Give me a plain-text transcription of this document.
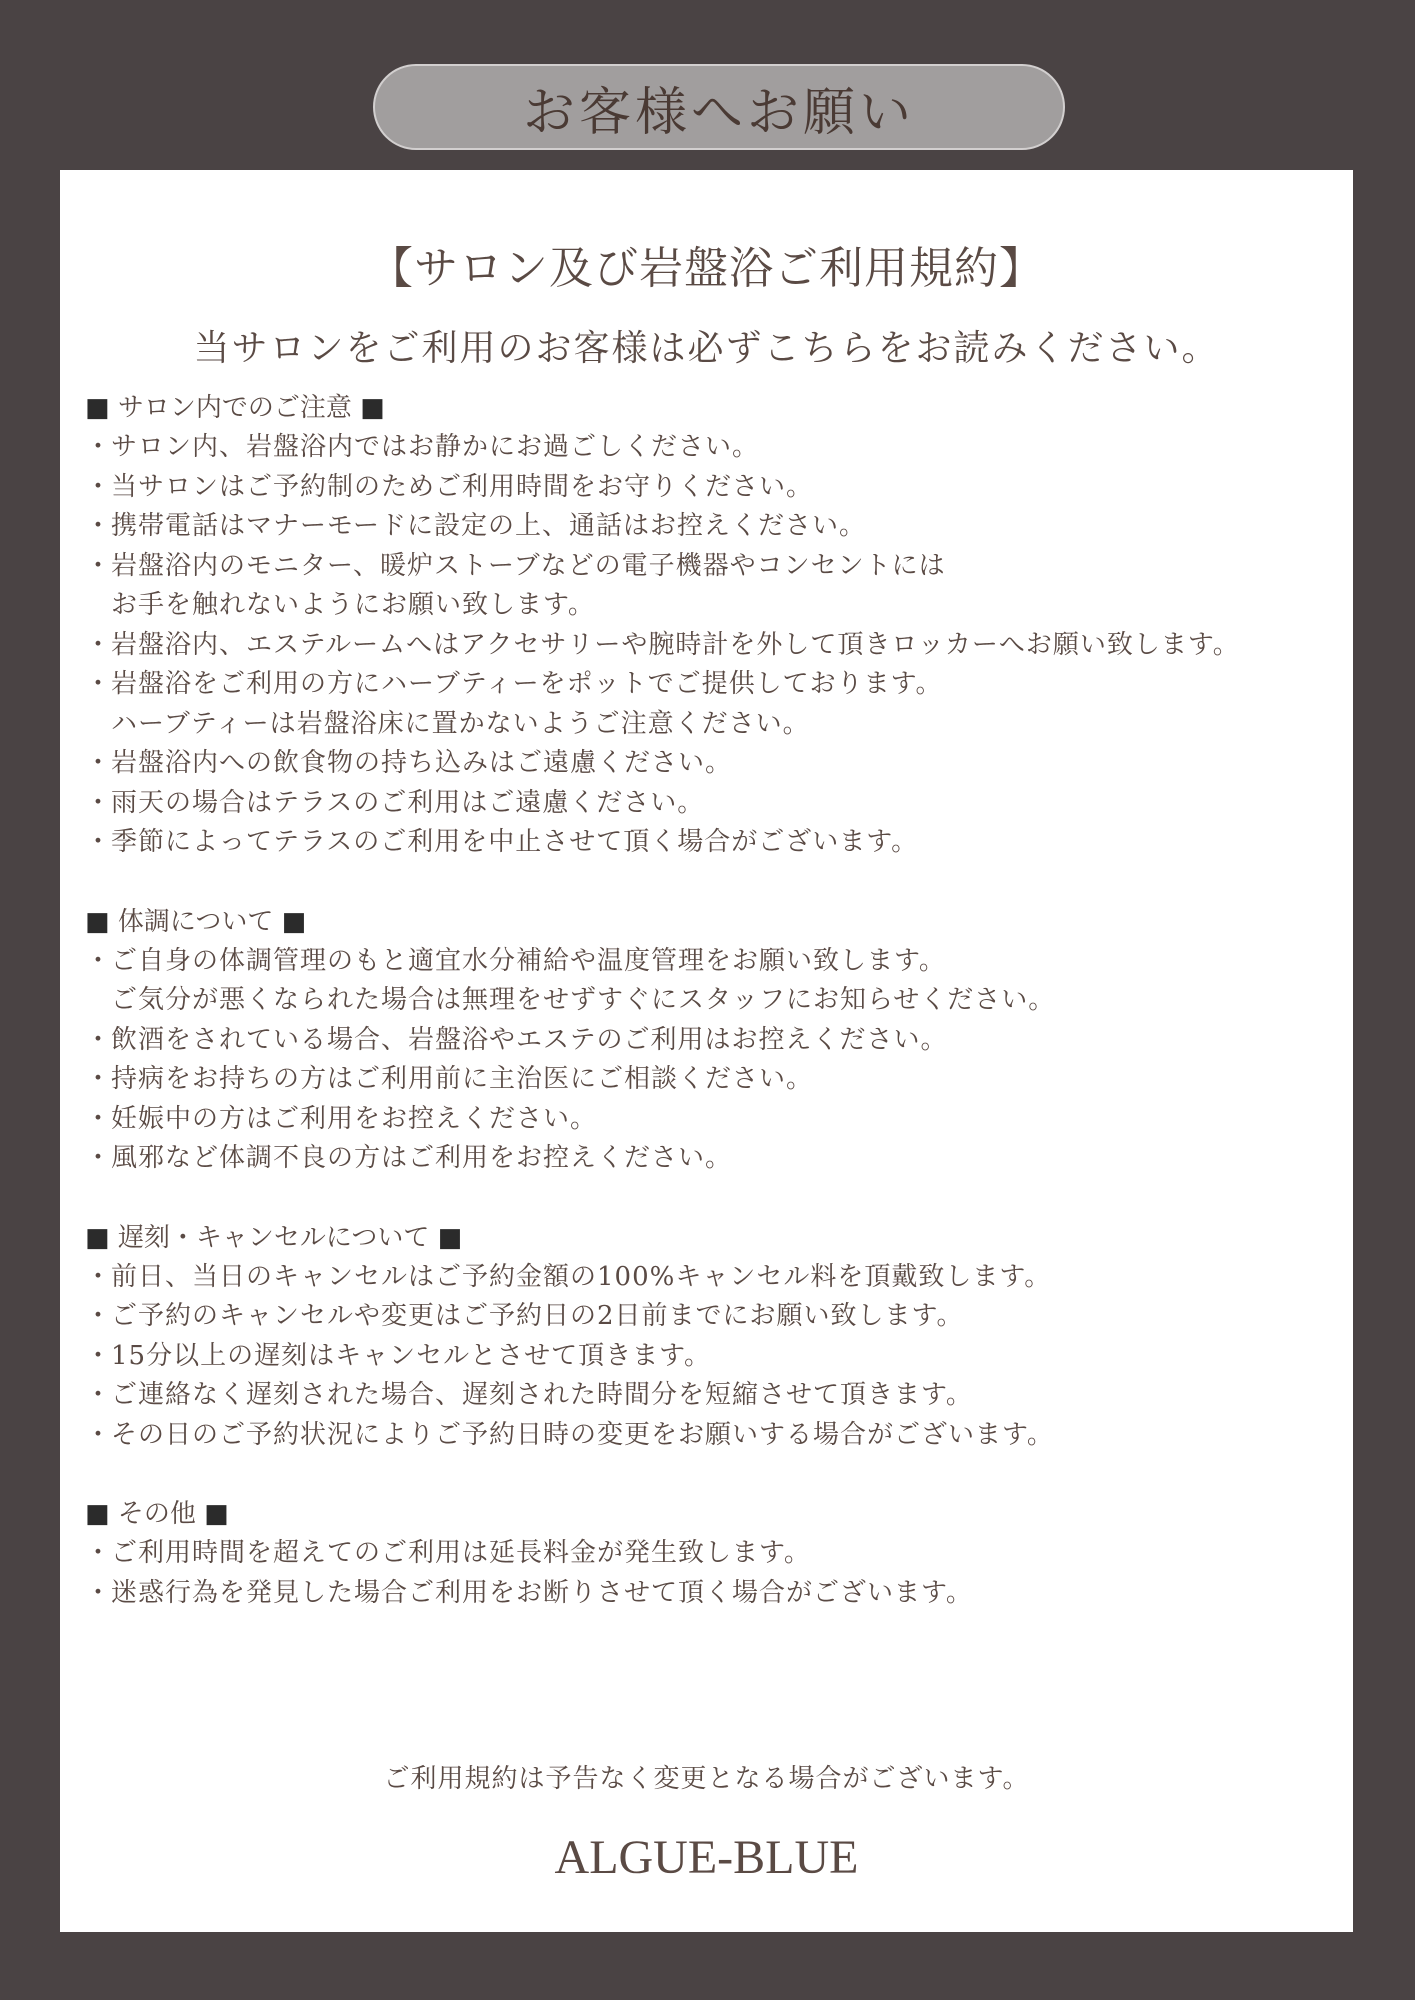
お客様へお願い
【サロン及び岩盤浴ご利用規約】
当サロンをご利用のお客様は必ずこちらをお読みください。
■ サロン内でのご注意 ■
・サロン内、岩盤浴内ではお静かにお過ごしください。
・当サロンはご予約制のためご利用時間をお守りください。
・携帯電話はマナーモードに設定の上、通話はお控えください。
・岩盤浴内のモニター、暖炉ストーブなどの電子機器やコンセントには
お手を触れないようにお願い致します。
・岩盤浴内、エステルームへはアクセサリーや腕時計を外して頂きロッカーへお願い致します。
・岩盤浴をご利用の方にハーブティーをポットでご提供しております。
ハーブティーは岩盤浴床に置かないようご注意ください。
・岩盤浴内への飲食物の持ち込みはご遠慮ください。
・雨天の場合はテラスのご利用はご遠慮ください。
・季節によってテラスのご利用を中止させて頂く場合がございます。
■ 体調について ■
・ご自身の体調管理のもと適宜水分補給や温度管理をお願い致します。
ご気分が悪くなられた場合は無理をせずすぐにスタッフにお知らせください。
・飲酒をされている場合、岩盤浴やエステのご利用はお控えください。
・持病をお持ちの方はご利用前に主治医にご相談ください。
・妊娠中の方はご利用をお控えください。
・風邪など体調不良の方はご利用をお控えください。
■ 遅刻・キャンセルについて ■
・前日、当日のキャンセルはご予約金額の100%キャンセル料を頂戴致します。
・ご予約のキャンセルや変更はご予約日の2日前までにお願い致します。
・15分以上の遅刻はキャンセルとさせて頂きます。
・ご連絡なく遅刻された場合、遅刻された時間分を短縮させて頂きます。
・その日のご予約状況によりご予約日時の変更をお願いする場合がございます。
■ その他 ■
・ご利用時間を超えてのご利用は延長料金が発生致します。
・迷惑行為を発見した場合ご利用をお断りさせて頂く場合がございます。
ご利用規約は予告なく変更となる場合がございます。
ALGUE-BLUE
